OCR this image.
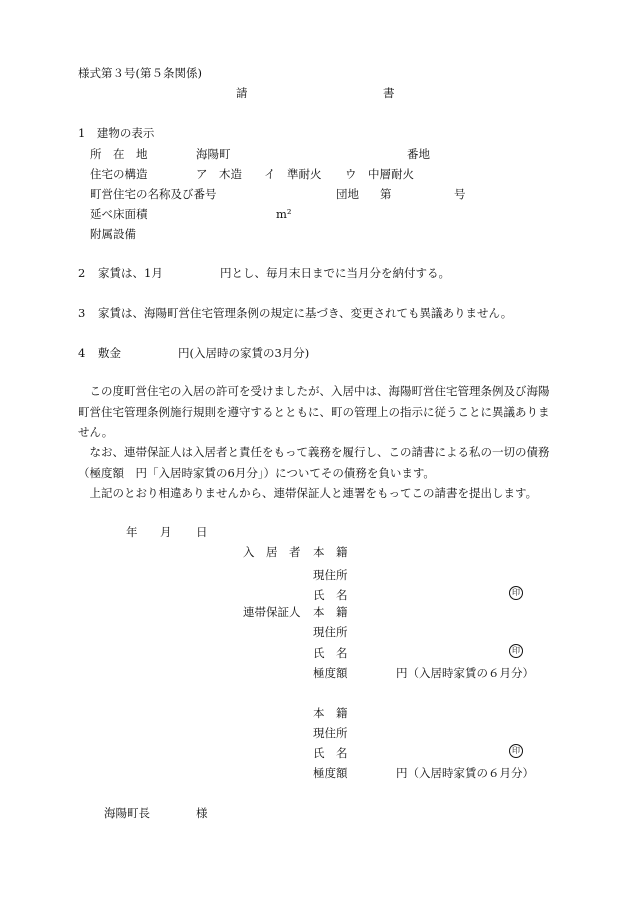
様式第３号(第５条関係)
請	書
1　建物の表示
所　在　地	海陽町	番地
住宅の構造	ア　木造 イ　準耐火 ウ　中層耐火
町営住宅の名称及び番号	団地 第	号
延べ床面積	m²
附属設備
2 家賃は、1月	円とし、毎月末日までに当月分を納付する。
3 家賃は、海陽町営住宅管理条例の規定に基づき、変更されても異議ありません。
4 敷金	円(入居時の家賃の3月分)
この度町営住宅の入居の許可を受けましたが、入居中は、海陽町営住宅管理条例及び海陽町営住宅管理条例施行規則を遵守するとともに、町の管理上の指示に従うことに異議ありません。
なお、連帯保証人は入居者と責任をもって義務を履行し、この請書による私の一切の債務（極度額　円「入居時家賃の6月分」）についてその債務を負います。
上記のとおり相違ありませんから、連帯保証人と連署をもってこの請書を提出します。
年 月 日
入　居　者 本　籍
現住所
氏　名	印
連帯保証人 本　籍
現住所
氏　名	印
極度額	円（入居時家賃の６月分）
本　籍
現住所
氏　名	印
極度額	円（入居時家賃の６月分）
海陽町長	様
